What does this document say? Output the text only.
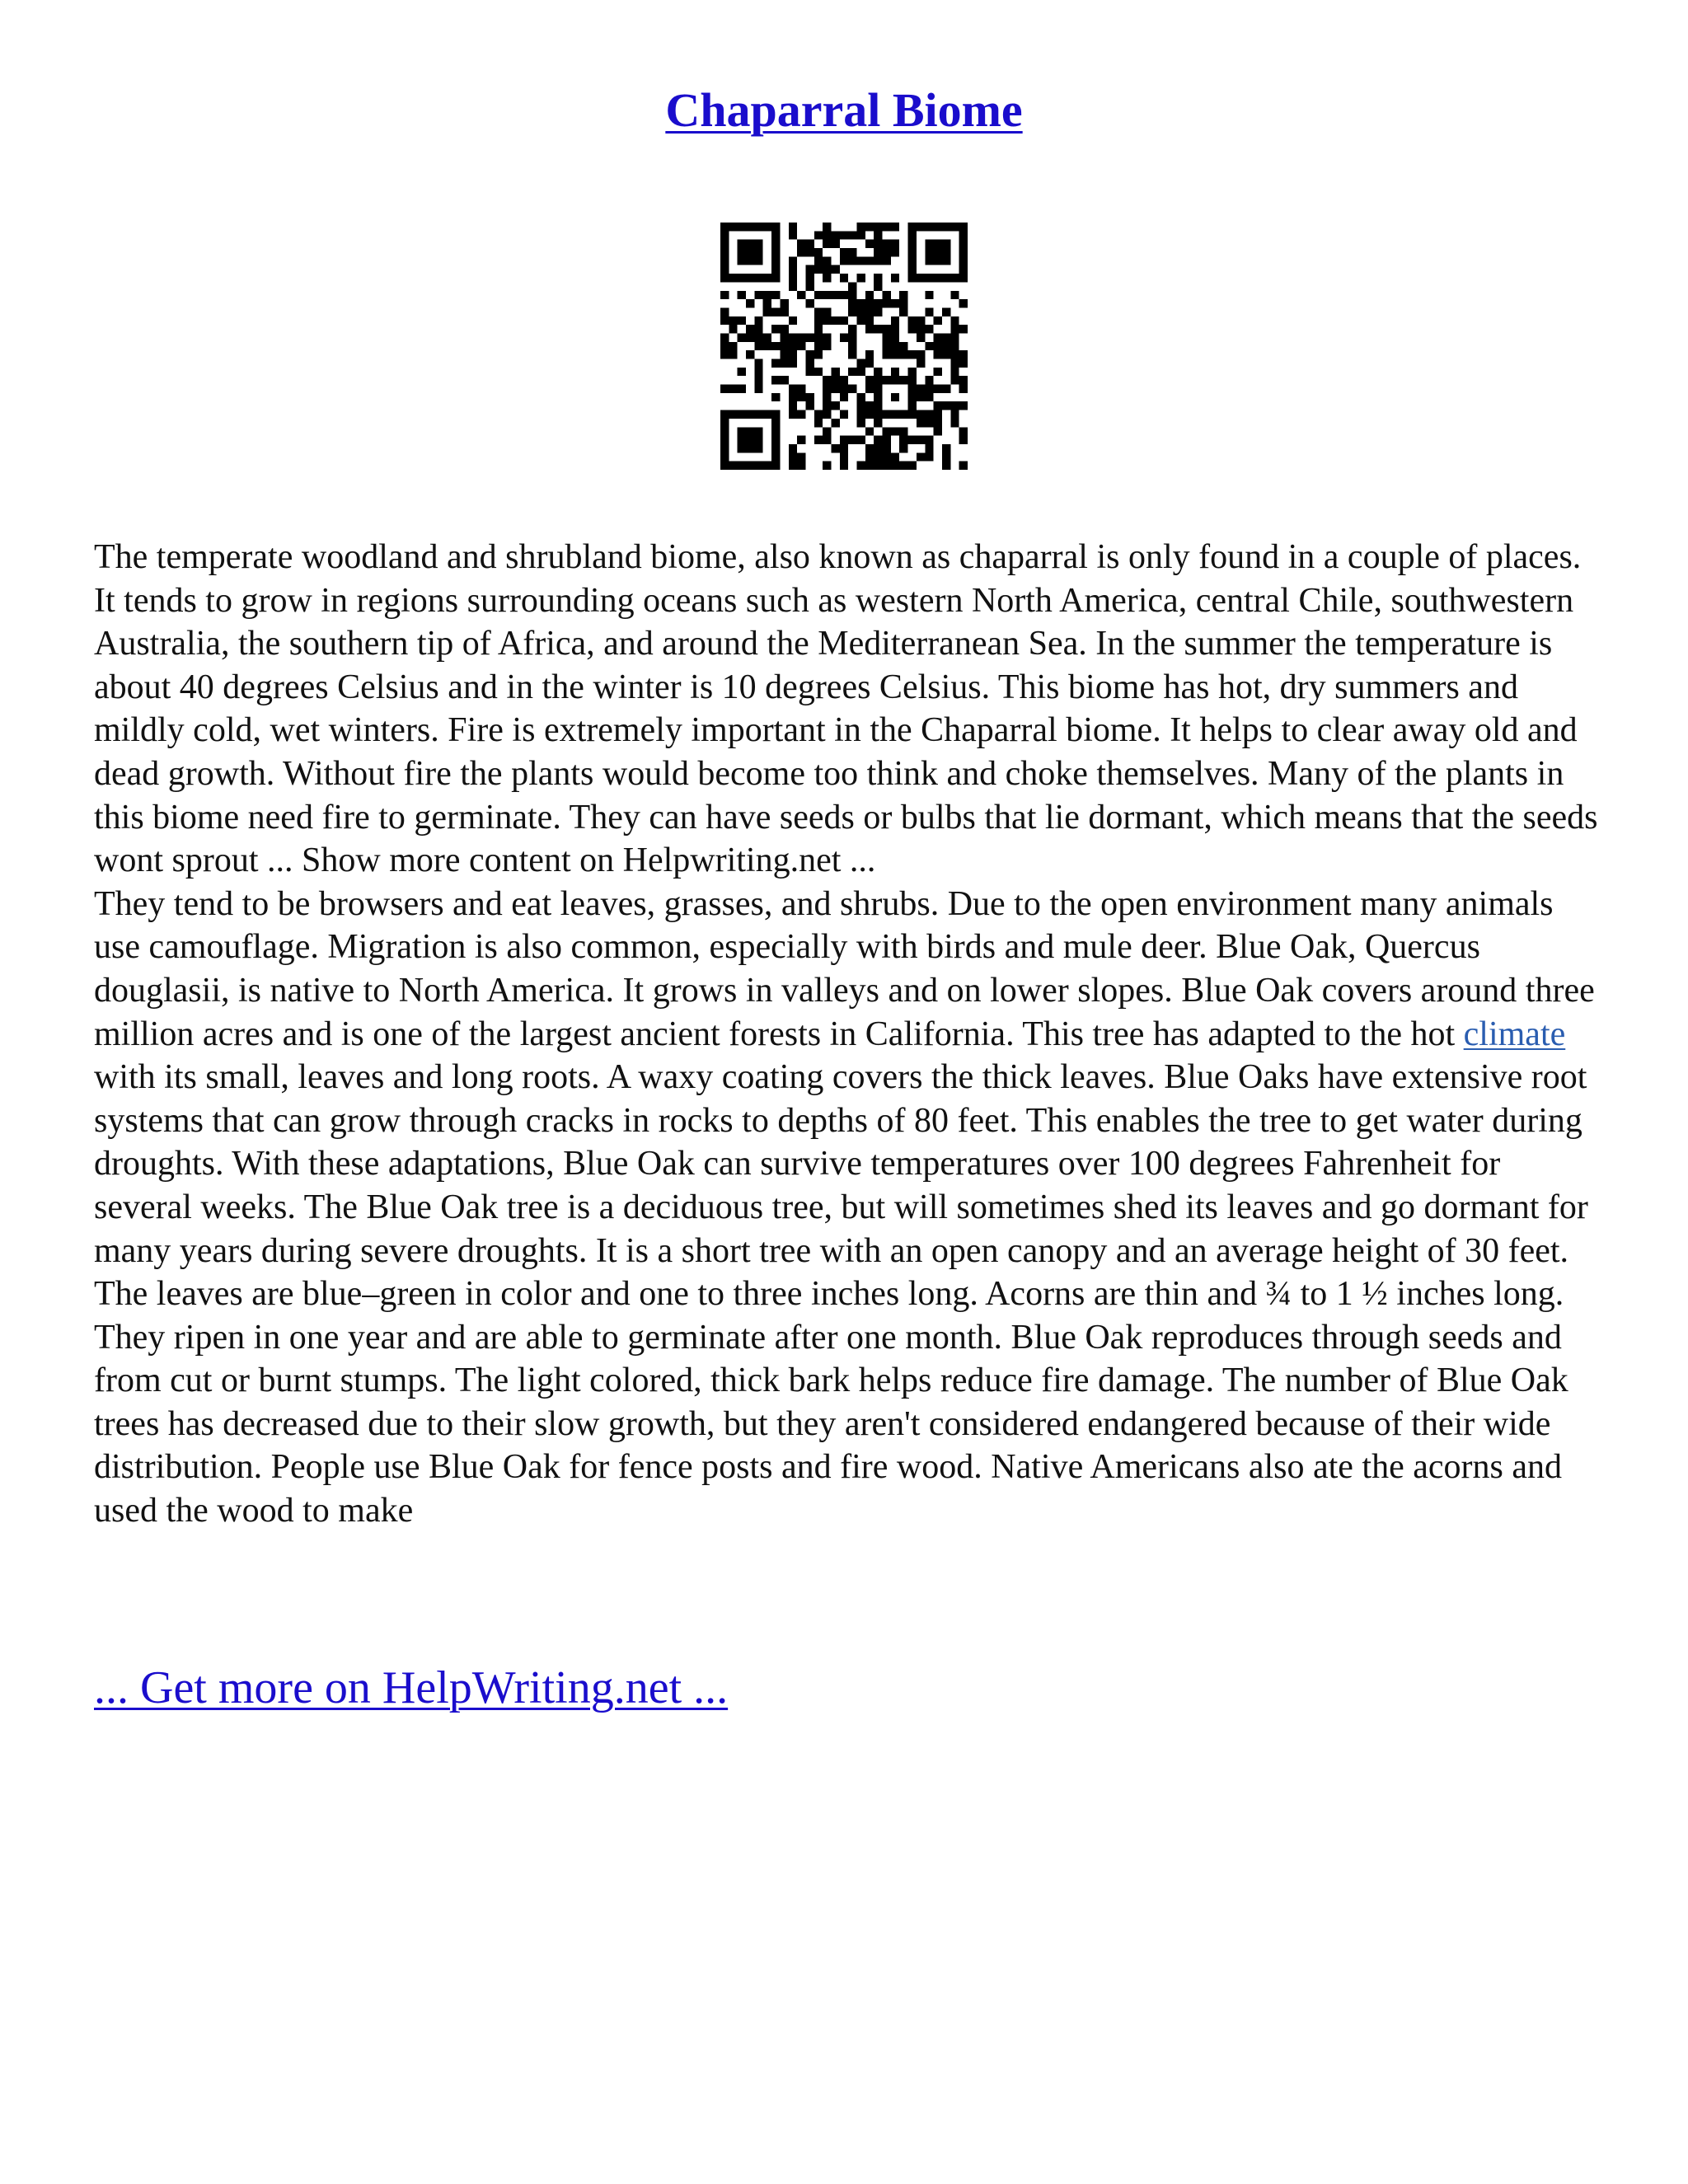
Chaparral Biome

The temperate woodland and shrubland biome, also known as chaparral is only found in a couple of places. It tends to grow in regions surrounding oceans such as western North America, central Chile, southwestern Australia, the southern tip of Africa, and around the Mediterranean Sea. In the summer the temperature is about 40 degrees Celsius and in the winter is 10 degrees Celsius. This biome has hot, dry summers and mildly cold, wet winters. Fire is extremely important in the Chaparral biome. It helps to clear away old and dead growth. Without fire the plants would become too think and choke themselves. Many of the plants in this biome need fire to germinate. They can have seeds or bulbs that lie dormant, which means that the seeds wont sprout ... Show more content on Helpwriting.net ...

They tend to be browsers and eat leaves, grasses, and shrubs. Due to the open environment many animals use camouflage. Migration is also common, especially with birds and mule deer. Blue Oak, Quercus douglasii, is native to North America. It grows in valleys and on lower slopes. Blue Oak covers around three million acres and is one of the largest ancient forests in California. This tree has adapted to the hot climate with its small, leaves and long roots. A waxy coating covers the thick leaves. Blue Oaks have extensive root systems that can grow through cracks in rocks to depths of 80 feet. This enables the tree to get water during droughts. With these adaptations, Blue Oak can survive temperatures over 100 degrees Fahrenheit for several weeks. The Blue Oak tree is a deciduous tree, but will sometimes shed its leaves and go dormant for many years during severe droughts. It is a short tree with an open canopy and an average height of 30 feet. The leaves are blue–green in color and one to three inches long. Acorns are thin and ¾ to 1 ½ inches long. They ripen in one year and are able to germinate after one month. Blue Oak reproduces through seeds and from cut or burnt stumps. The light colored, thick bark helps reduce fire damage. The number of Blue Oak trees has decreased due to their slow growth, but they aren't considered endangered because of their wide distribution. People use Blue Oak for fence posts and fire wood. Native Americans also ate the acorns and used the wood to make

... Get more on HelpWriting.net ...
